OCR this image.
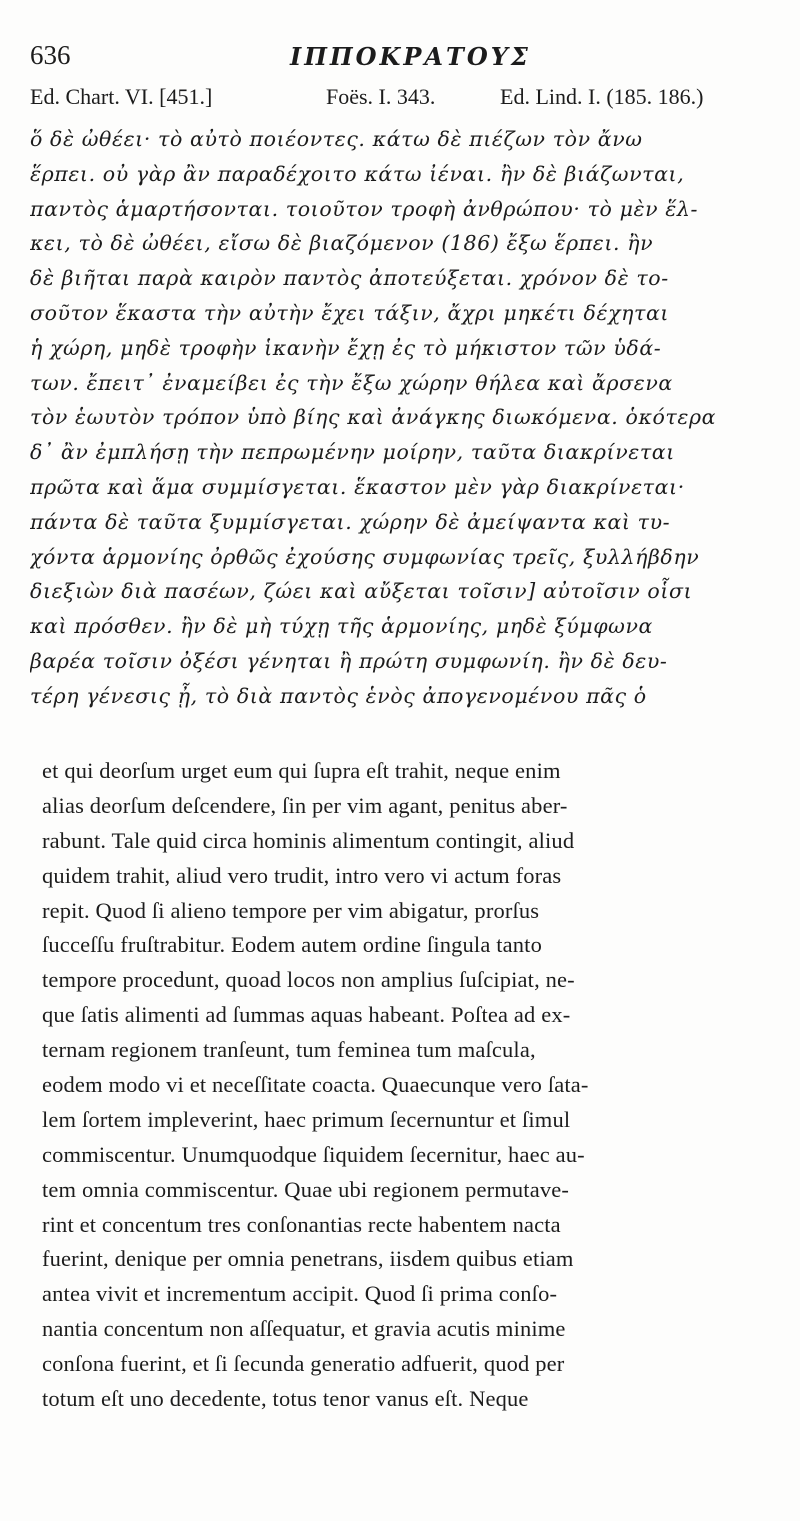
636	ΙΠΠΟΚΡΑΤΟΥΣ
Ed. Chart. VI. [451.]	Foës. I. 343.	Ed. Lind. I. (185. 186.)
ὅ δὲ ὠθέει· τὸ αὐτὸ ποιέοντες. κάτω δὲ πιέζων τὸν ἄνω
ἕρπει. οὐ γὰρ ἂν παραδέχοιτο κάτω ἰέναι. ἢν δὲ βιάζωνται,
παντὸς ἁμαρτήσονται. τοιοῦτον τροφὴ ἀνθρώπου· τὸ μὲν ἕλ-
κει, τὸ δὲ ὠθέει, εἴσω δὲ βιαζόμενον (186) ἔξω ἕρπει. ἢν
δὲ βιῆται παρὰ καιρὸν παντὸς ἀποτεύξεται. χρόνον δὲ το-
σοῦτον ἕκαστα τὴν αὐτὴν ἔχει τάξιν, ἄχρι μηκέτι δέχηται
ἡ χώρη, μηδὲ τροφὴν ἱκανὴν ἔχῃ ἐς τὸ μήκιστον τῶν ὑδά-
των. ἔπειτ᾽ ἐναμείβει ἐς τὴν ἔξω χώρην θήλεα καὶ ἄρσενα
τὸν ἑωυτὸν τρόπον ὑπὸ βίης καὶ ἀνάγκης διωκόμενα. ὁκότερα
δ᾽ ἂν ἐμπλήσῃ τὴν πεπρωμένην μοίρην, ταῦτα διακρίνεται
πρῶτα καὶ ἅμα συμμίσγεται. ἕκαστον μὲν γὰρ διακρίνεται·
πάντα δὲ ταῦτα ξυμμίσγεται. χώρην δὲ ἀμείψαντα καὶ τυ-
χόντα ἁρμονίης ὀρθῶς ἐχούσης συμφωνίας τρεῖς, ξυλλήβδην
διεξιὼν διὰ πασέων, ζώει καὶ αὔξεται τοῖσιν] αὐτοῖσιν οἷσι
καὶ πρόσθεν. ἢν δὲ μὴ τύχῃ τῆς ἁρμονίης, μηδὲ ξύμφωνα
βαρέα τοῖσιν ὀξέσι γένηται ἢ πρώτη συμφωνίη. ἢν δὲ δευ-
τέρη γένεσις ᾖ, τὸ διὰ παντὸς ἑνὸς ἀπογενομένου πᾶς ὁ
et qui deorſum urget eum qui ſupra eſt trahit, neque enim
alias deorſum deſcendere, ſin per vim agant, penitus aber-
rabunt. Tale quid circa hominis alimentum contingit, aliud
quidem trahit, aliud vero trudit, intro vero vi actum foras
repit. Quod ſi alieno tempore per vim abigatur, prorſus
ſucceſſu fruſtrabitur. Eodem autem ordine ſingula tanto
tempore procedunt, quoad locos non amplius ſuſcipiat, ne-
que ſatis alimenti ad ſummas aquas habeant. Poſtea ad ex-
ternam regionem tranſeunt, tum feminea tum maſcula,
eodem modo vi et neceſſitate coacta. Quaecunque vero ſata-
lem ſortem impleverint, haec primum ſecernuntur et ſimul
commiscentur. Unumquodque ſiquidem ſecernitur, haec au-
tem omnia commiscentur. Quae ubi regionem permutave-
rint et concentum tres conſonantias recte habentem nacta
fuerint, denique per omnia penetrans, iisdem quibus etiam
antea vivit et incrementum accipit. Quod ſi prima conſo-
nantia concentum non aſſequatur, et gravia acutis minime
conſona fuerint, et ſi ſecunda generatio adfuerit, quod per
totum eſt uno decedente, totus tenor vanus eſt. Neque
